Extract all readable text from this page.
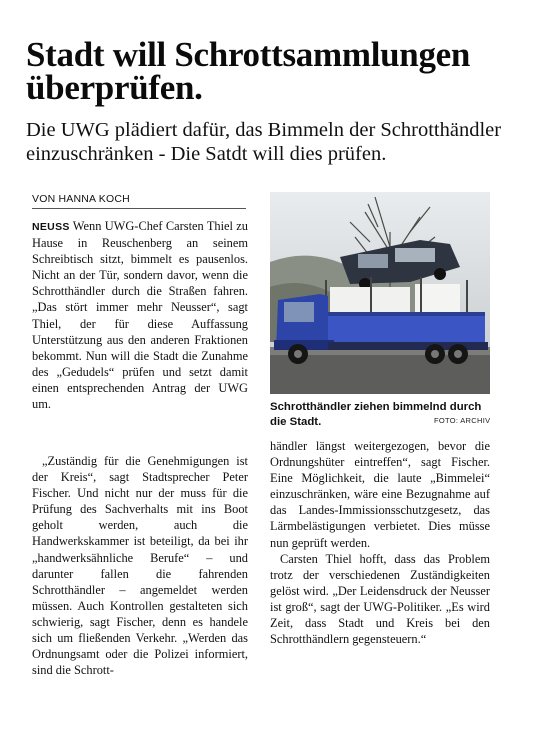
Stadt will Schrottsammlungen überprüfen.

Die UWG plädiert dafür, das Bimmeln der Schrotthändler einzuschränken - Die Satdt will dies prüfen.

VON HANNA KOCH

NEUSS Wenn UWG-Chef Carsten Thiel zu Hause in Reuschenberg an seinem Schreibtisch sitzt, bimmelt es pausenlos. Nicht an der Tür, sondern davor, wenn die Schrotthändler durch die Straßen fahren. „Das stört immer mehr Neusser“, sagt Thiel, der für diese Auffassung Unterstützung aus den anderen Fraktionen bekommt. Nun will die Stadt die Zunahme des „Gedudels“ prüfen und setzt damit einen entsprechenden Antrag der UWG um.	Schrotthändler ziehen bimmelnd durch die Stadt.	FOTO: ARCHIV

„Zuständig für die Genehmigungen ist der Kreis“, sagt Stadtsprecher Peter Fischer. Und nicht nur der muss für die Prüfung des Sachverhalts mit ins Boot geholt werden, auch die Handwerkskammer ist beteiligt, da bei ihr „handwerksähnliche Berufe“ – und darunter fallen die fahrenden Schrotthändler – angemeldet werden müssen. Auch Kontrollen gestalteten sich schwierig, sagt Fischer, denn es handele sich um fließenden Verkehr. „Werden das Ordnungsamt oder die Polizei informiert, sind die Schrott-

händler längst weitergezogen, bevor die Ordnungshüter eintreffen“, sagt Fischer. Eine Möglichkeit, die laute „Bimmelei“ einzuschränken, wäre eine Bezugnahme auf das Landes-Immissionsschutzgesetz, das Lärmbelästigungen verbietet. Dies müsse nun geprüft werden.

Carsten Thiel hofft, dass das Problem trotz der verschiedenen Zuständigkeiten gelöst wird. „Der Leidensdruck der Neusser ist groß“, sagt der UWG-Politiker. „Es wird Zeit, dass Stadt und Kreis bei den Schrotthändlern gegensteuern.“
